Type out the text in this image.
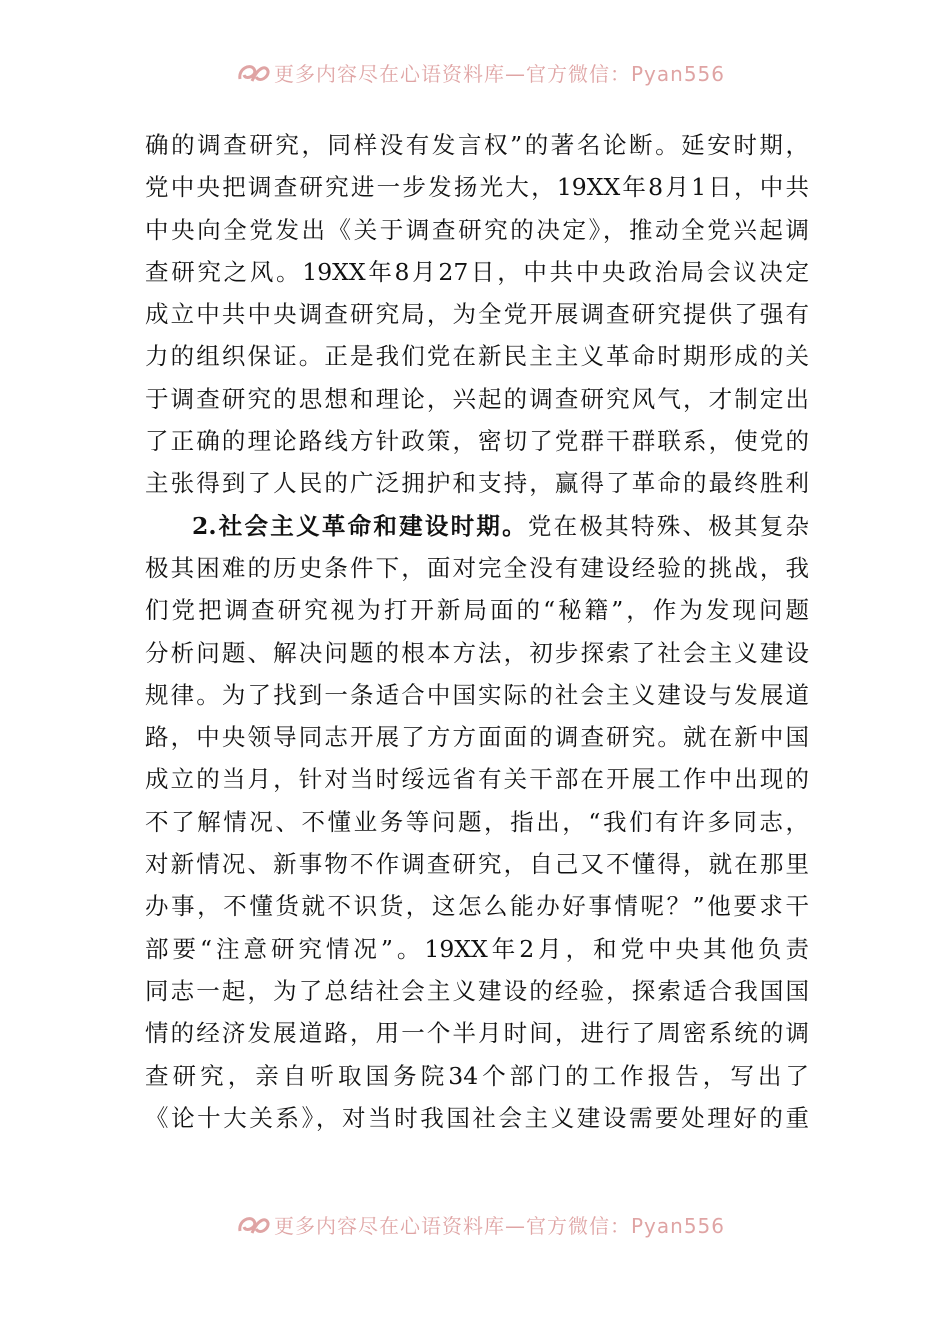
更多内容尽在心语资料库—官方微信：Pyan556
确的调查研究，同样没有发言权”的著名论断。延安时期，
党中央把调查研究进一步发扬光大，19XX年8月1日，中共
中央向全党发出《关于调查研究的决定》，推动全党兴起调
查研究之风。19XX年8月27日，中共中央政治局会议决定
成立中共中央调查研究局，为全党开展调查研究提供了强有
力的组织保证。正是我们党在新民主主义革命时期形成的关
于调查研究的思想和理论，兴起的调查研究风气，才制定出
了正确的理论路线方针政策，密切了党群干群联系，使党的
主张得到了人民的广泛拥护和支持，赢得了革命的最终胜利
2.社会主义革命和建设时期。党在极其特殊、极其复杂
极其困难的历史条件下，面对完全没有建设经验的挑战，我
们党把调查研究视为打开新局面的“秘籍”，作为发现问题
分析问题、解决问题的根本方法，初步探索了社会主义建设
规律。为了找到一条适合中国实际的社会主义建设与发展道
路，中央领导同志开展了方方面面的调查研究。就在新中国
成立的当月，针对当时绥远省有关干部在开展工作中出现的
不了解情况、不懂业务等问题，指出，“我们有许多同志，
对新情况、新事物不作调查研究，自己又不懂得，就在那里
办事，不懂货就不识货，这怎么能办好事情呢？”他要求干
部要“注意研究情况”。19XX年2月，和党中央其他负责
同志一起，为了总结社会主义建设的经验，探索适合我国国
情的经济发展道路，用一个半月时间，进行了周密系统的调
查研究，亲自听取国务院34个部门的工作报告，写出了
《论十大关系》，对当时我国社会主义建设需要处理好的重
更多内容尽在心语资料库—官方微信：Pyan556
